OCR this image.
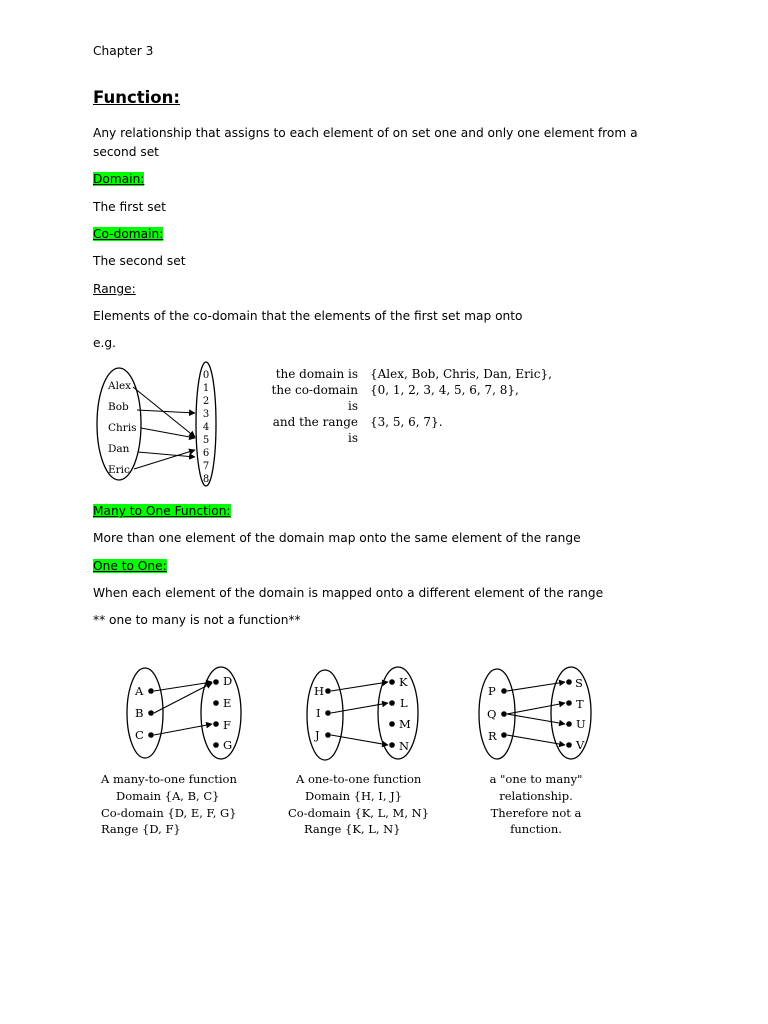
Chapter 3

Function:

Any relationship that assigns to each element of on set one and only one element from a second set

Domain:

The first set

Co-domain:

The second set

Range:

Elements of the co-domain that the elements of the first set map onto

e.g.

Alex
Bob
Chris
Dan
Eric
0
1
2
3
4
5
6
7
8
the domain is {Alex, Bob, Chris, Dan, Eric},
the co-domain is
{0, 1, 2, 3, 4, 5, 6, 7, 8},
and the range is
{3, 5, 6, 7}.

Many to One Function:

More than one element of the domain map onto the same element of the range

One to One:

When each element of the domain is mapped onto a different element of the range

** one to many is not a function**

A
B
C
D
E
F
G
H
I
J
K
L
M
N
P
Q
R
S
T
U
V
A many-to-one function
Domain {A, B, C}
Co-domain {D, E, F, G}
Range {D, F}
A one-to-one function
Domain {H, I, J}
Co-domain {K, L, M, N}
Range {K, L, N}
a "one to many"
relationship.
Therefore not a
function.
